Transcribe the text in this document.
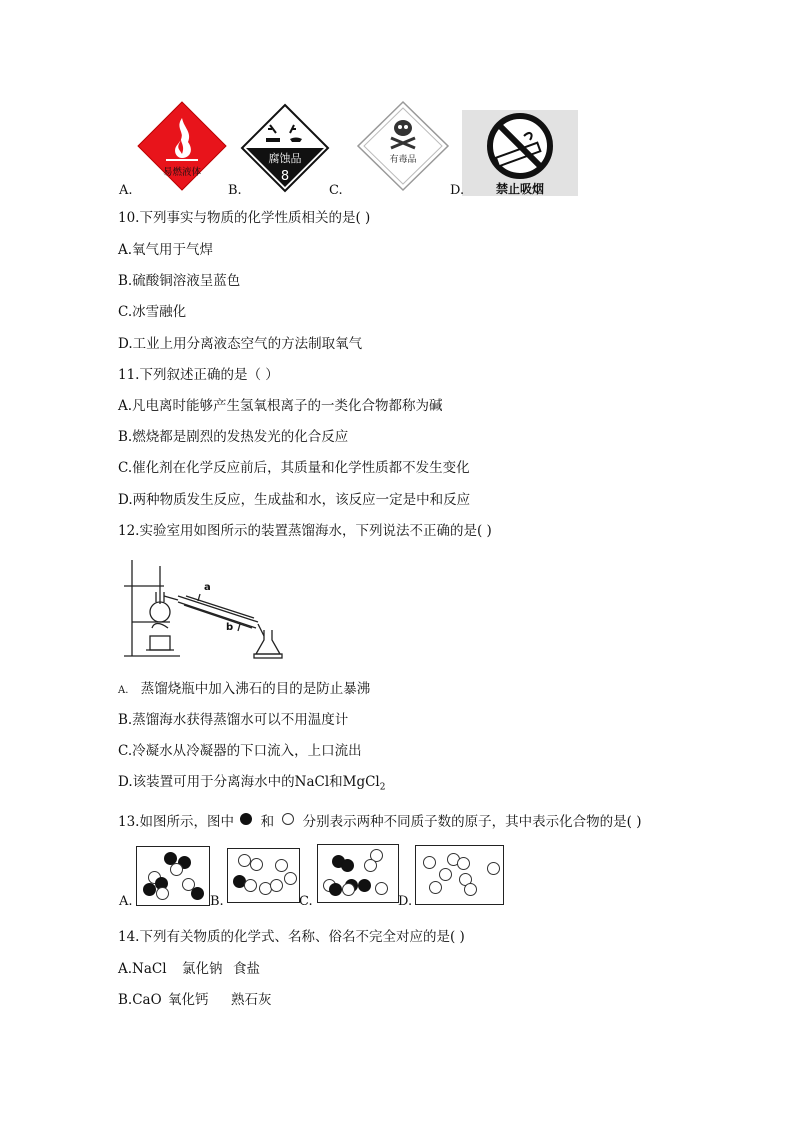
易燃液体
A.
腐蚀品
8
B.
有毒品
C.	禁止吸烟
D.
10.下列事实与物质的化学性质相关的是( )
A.氧气用于气焊
B.硫酸铜溶液呈蓝色
C.冰雪融化
D.工业上用分离液态空气的方法制取氧气
11.下列叙述正确的是（ ）
A.凡电离时能够产生氢氧根离子的一类化合物都称为碱
B.燃烧都是剧烈的发热发光的化合反应
C.催化剂在化学反应前后，其质量和化学性质都不发生变化
D.两种物质发生反应，生成盐和水，该反应一定是中和反应
12.实验室用如图所示的装置蒸馏海水，下列说法不正确的是( )
a
b
A. 蒸馏烧瓶中加入沸石的目的是防止暴沸
B.蒸馏海水获得蒸馏水可以不用温度计
C.冷凝水从冷凝器的下口流入，上口流出
D.该装置可用于分离海水中的NaCl和MgCl$_2$
13.如图所示，图中 和 分别表示两种不同质子数的原子，其中表示化合物的是( )
A.	B.	C.	D.
14.下列有关物质的化学式、名称、俗名不完全对应的是( )
A.NaCl 氯化钠 食盐
B.CaO 氧化钙 熟石灰
